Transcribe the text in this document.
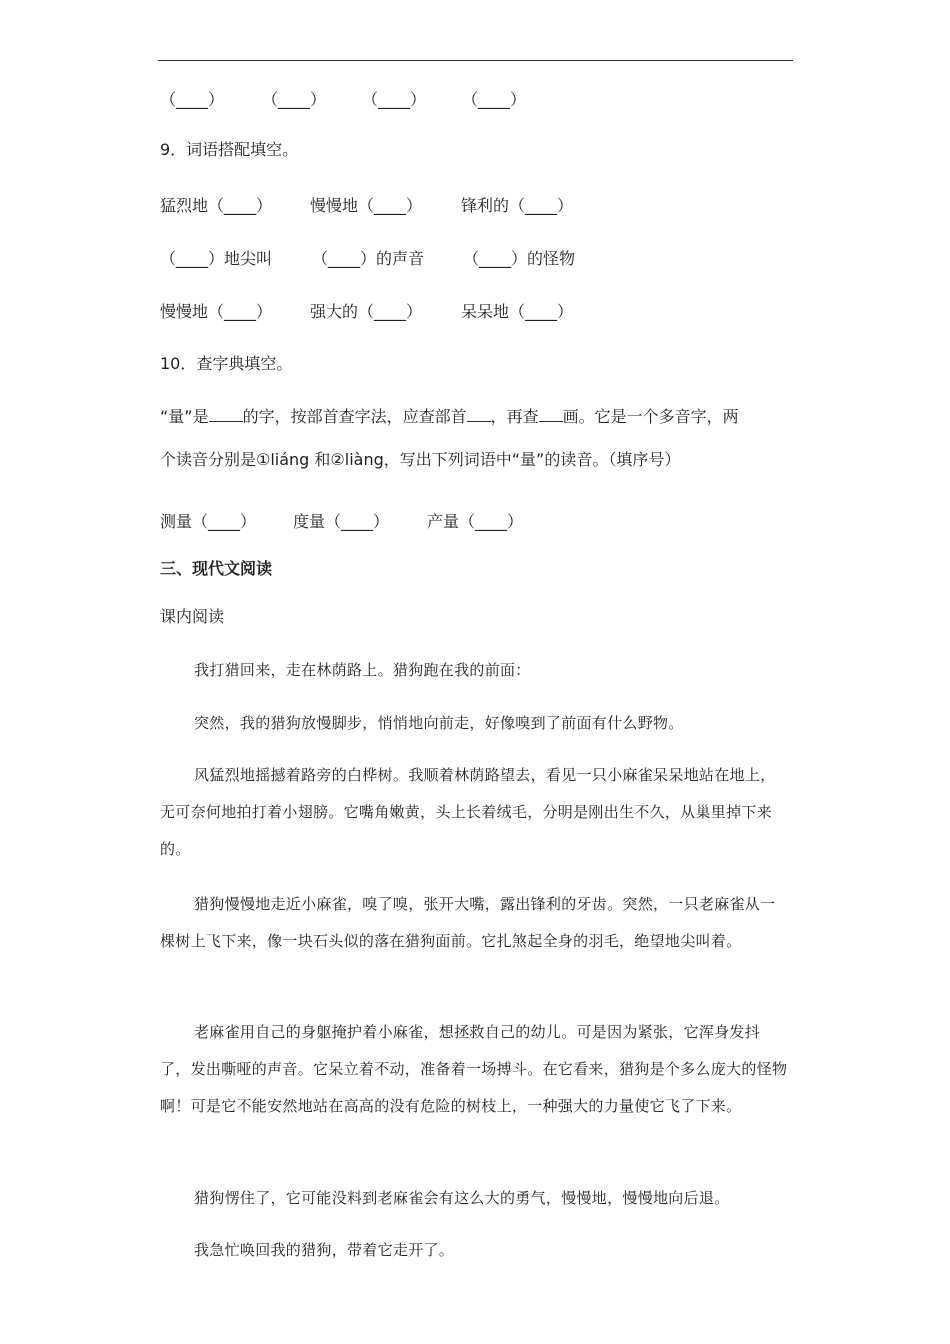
（____） （____） （____） （____）
9．词语搭配填空。
猛烈地（____） 慢慢地（____） 锋利的（____）
（____）地尖叫 （____）的声音 （____）的怪物
慢慢地（____） 强大的（____） 呆呆地（____）
10．查字典填空。
“量”是 的字，按部首查字法，应查部首 ，再查 画。它是一个多音字，两
个读音分别是①liáng 和②liàng，写出下列词语中“量”的读音。（填序号）
测量（____） 度量（____） 产量（____）
三、现代文阅读
课内阅读
我打猎回来，走在林荫路上。猎狗跑在我的前面：
突然，我的猎狗放慢脚步，悄悄地向前走，好像嗅到了前面有什么野物。
风猛烈地摇撼着路旁的白桦树。我顺着林荫路望去，看见一只小麻雀呆呆地站在地上，无可奈何地拍打着小翅膀。它嘴角嫩黄，头上长着绒毛，分明是刚出生不久，从巢里掉下来的。
猎狗慢慢地走近小麻雀，嗅了嗅，张开大嘴，露出锋利的牙齿。突然，一只老麻雀从一棵树上飞下来，像一块石头似的落在猎狗面前。它扎煞起全身的羽毛，绝望地尖叫着。
老麻雀用自己的身躯掩护着小麻雀，想拯救自己的幼儿。可是因为紧张，它浑身发抖了，发出嘶哑的声音。它呆立着不动，准备着一场搏斗。在它看来，猎狗是个多么庞大的怪物啊！可是它不能安然地站在高高的没有危险的树枝上，一种强大的力量使它飞了下来。
猎狗愣住了，它可能没料到老麻雀会有这么大的勇气，慢慢地，慢慢地向后退。
我急忙唤回我的猎狗，带着它走开了。
